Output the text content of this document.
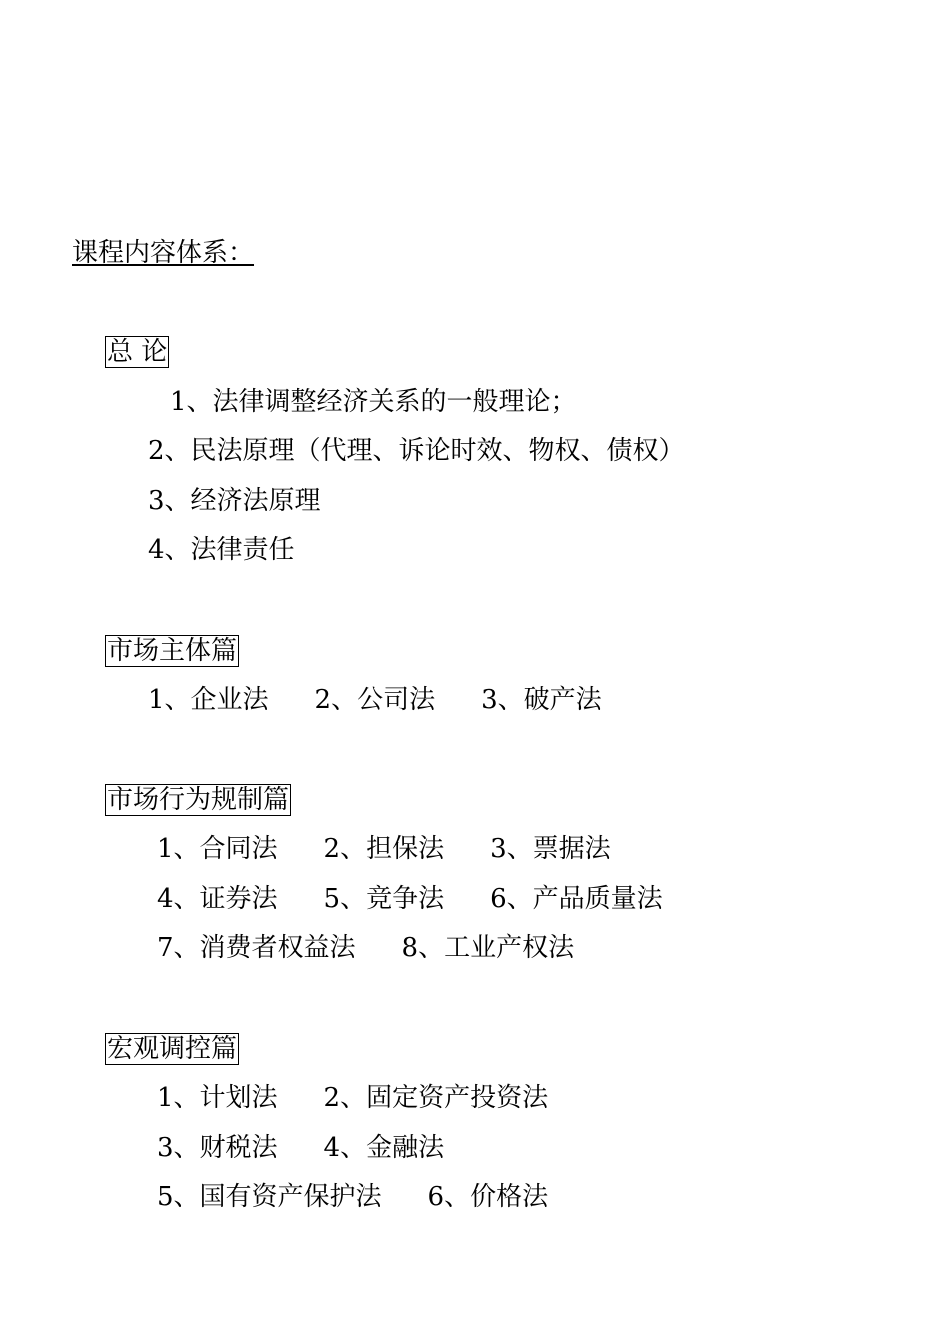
课程内容体系：
总 论
1、法律调整经济关系的一般理论；
2、民法原理（代理、诉论时效、物权、债权）
3、经济法原理
4、法律责任
市场主体篇
1、企业法 2、公司法 3、破产法
市场行为规制篇
1、合同法 2、担保法 3、票据法
4、证券法 5、竞争法 6、产品质量法
7、消费者权益法 8、工业产权法
宏观调控篇
1、计划法 2、固定资产投资法
3、财税法 4、金融法
5、国有资产保护法 6、价格法
